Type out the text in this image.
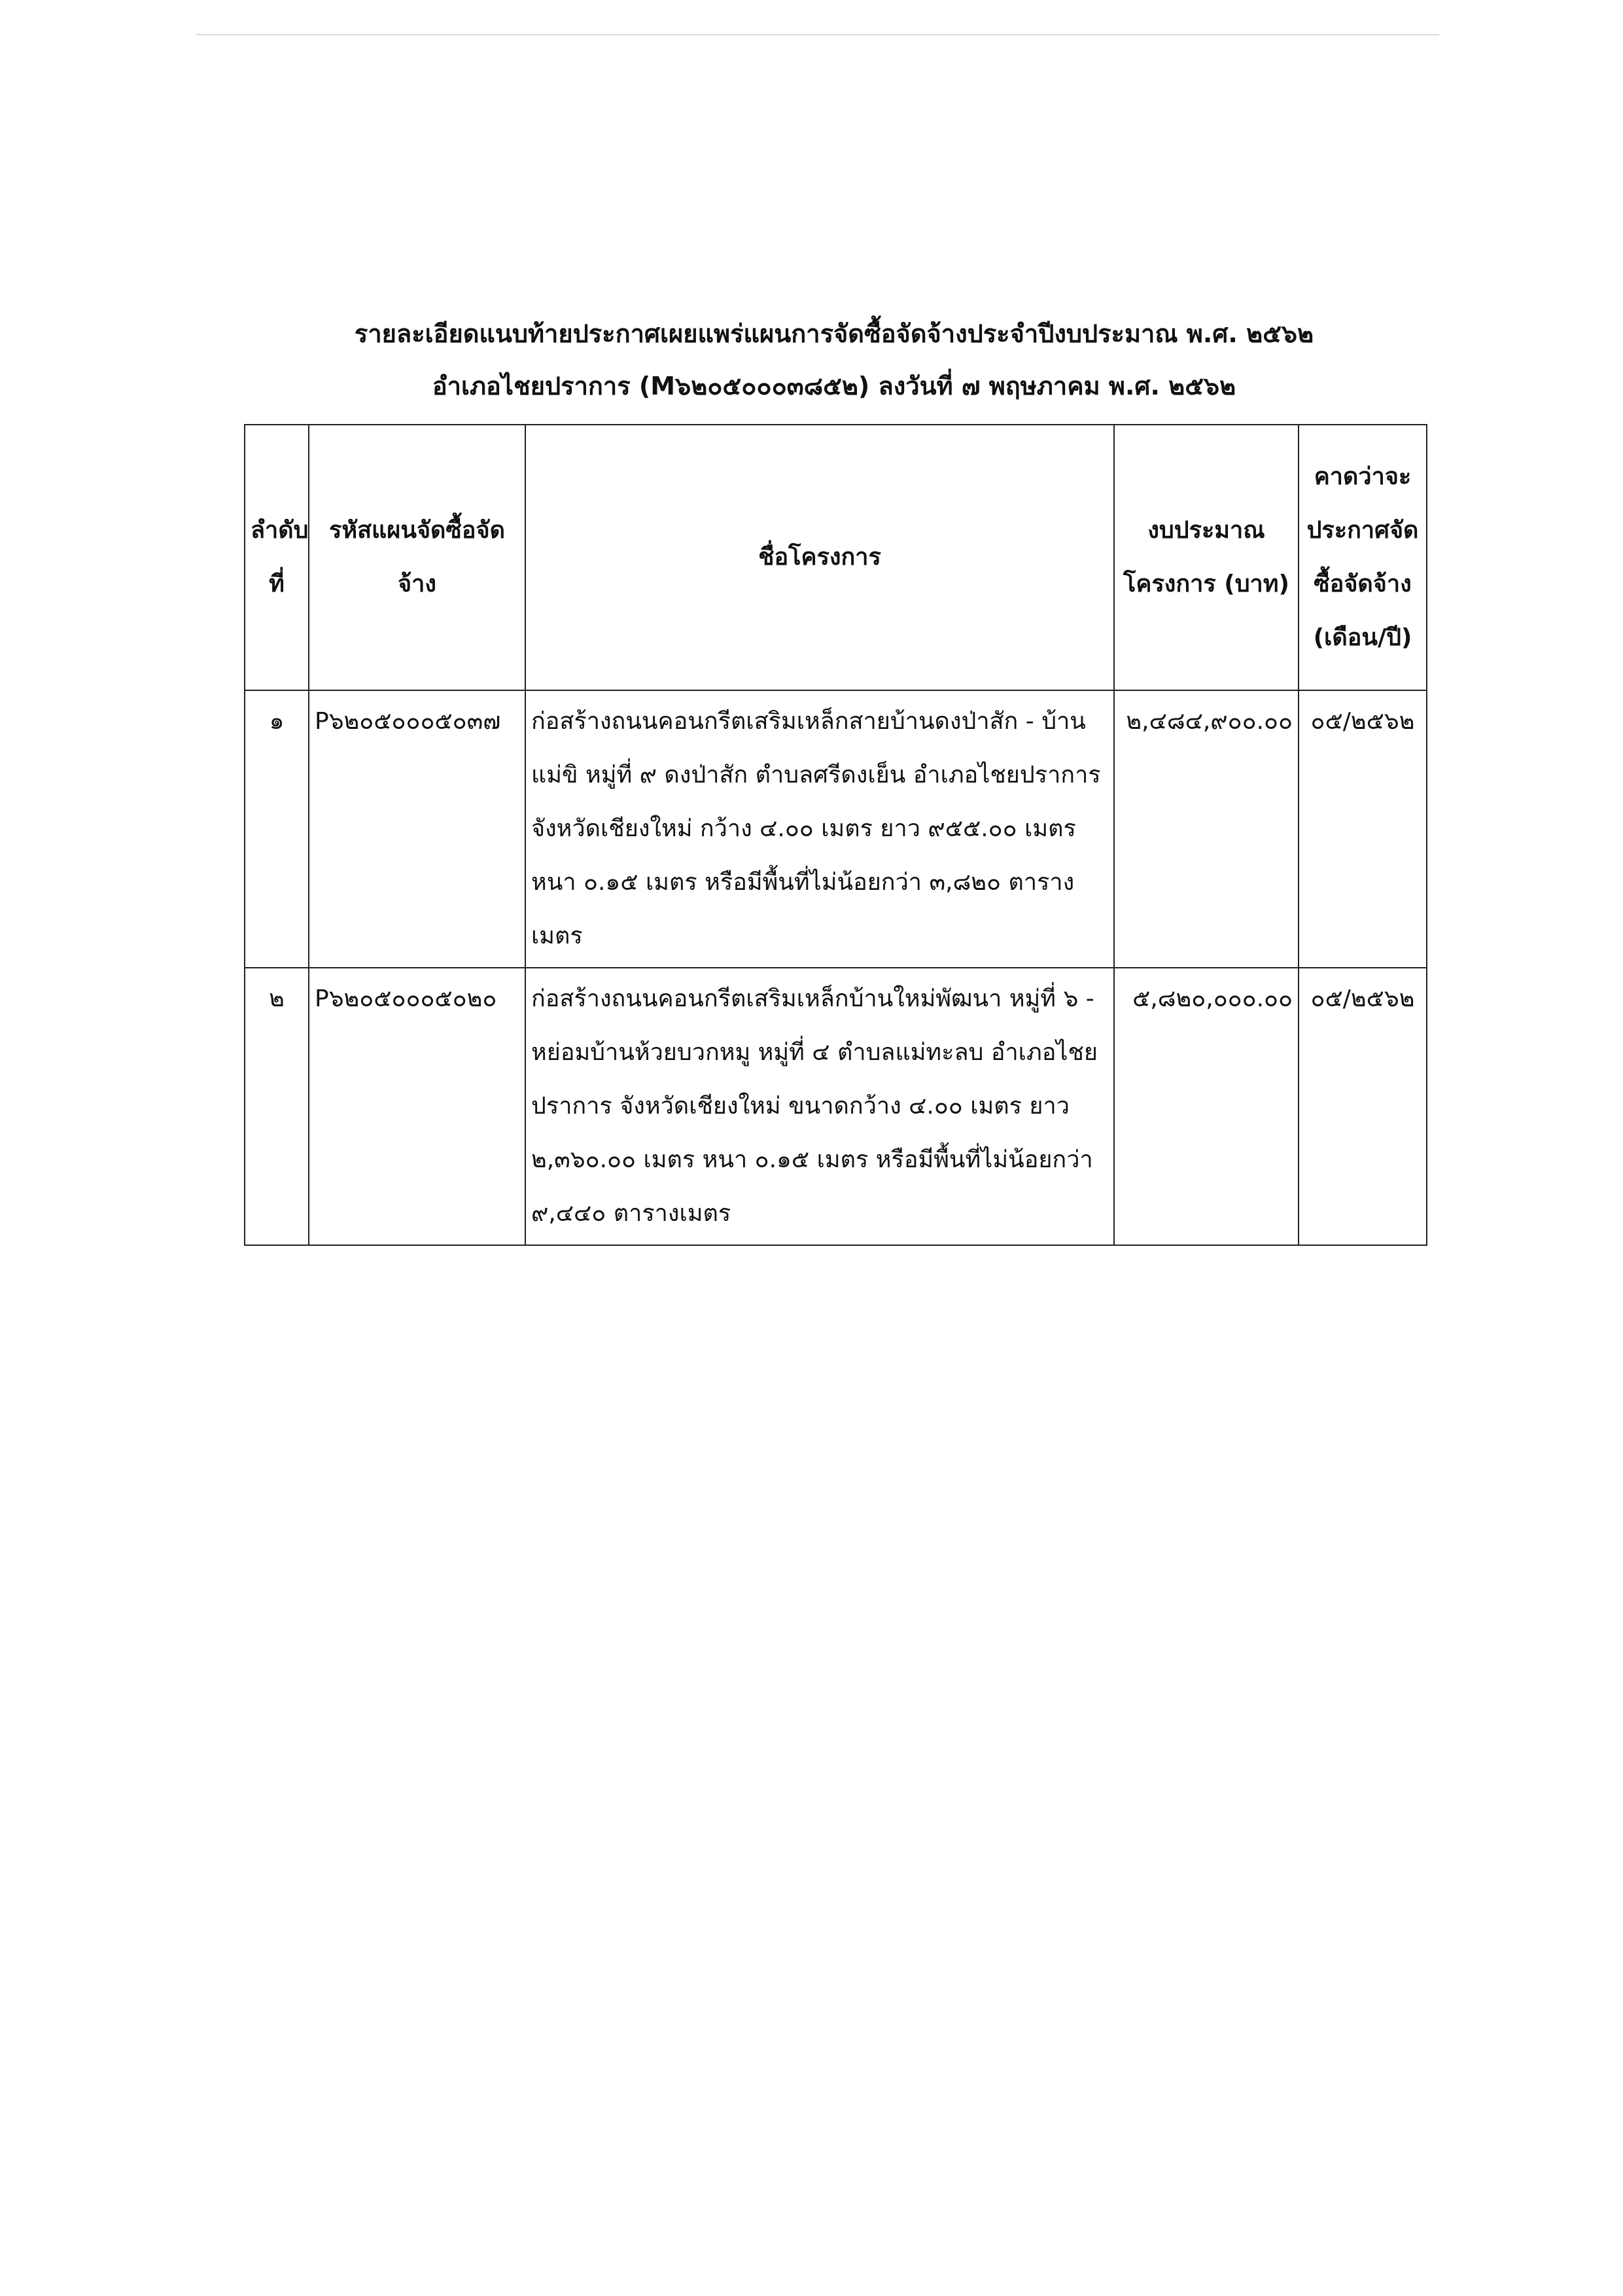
รายละเอียดแนบท้ายประกาศเผยแพร่แผนการจัดซื้อจัดจ้างประจำปีงบประมาณ พ.ศ. ๒๕๖๒
อำเภอไชยปราการ (M๖๒๐๕๐๐๐๓๘๕๒) ลงวันที่ ๗ พฤษภาคม พ.ศ. ๒๕๖๒
ลำดับที่	รหัสแผนจัดซื้อจัดจ้าง	ชื่อโครงการ	งบประมาณโครงการ (บาท)	คาดว่าจะประกาศจัดซื้อจัดจ้าง (เดือน/ปี)
๑	P๖๒๐๕๐๐๐๕๐๓๗	ก่อสร้างถนนคอนกรีตเสริมเหล็กสายบ้านดงป่าสัก - บ้านแม่ขิ หมู่ที่ ๙ ดงป่าสัก ตำบลศรีดงเย็น อำเภอไชยปราการ จังหวัดเชียงใหม่ กว้าง ๔.๐๐ เมตร ยาว ๙๕๕.๐๐ เมตร หนา ๐.๑๕ เมตร หรือมีพื้นที่ไม่น้อยกว่า ๓,๘๒๐ ตารางเมตร	๒,๔๘๔,๙๐๐.๐๐	๐๕/๒๕๖๒
๒	P๖๒๐๕๐๐๐๕๐๒๐	ก่อสร้างถนนคอนกรีตเสริมเหล็กบ้านใหม่พัฒนา หมู่ที่ ๖ - หย่อมบ้านห้วยบวกหมู หมู่ที่ ๔ ตำบลแม่ทะลบ อำเภอไชยปราการ จังหวัดเชียงใหม่ ขนาดกว้าง ๔.๐๐ เมตร ยาว ๒,๓๖๐.๐๐ เมตร หนา ๐.๑๕ เมตร หรือมีพื้นที่ไม่น้อยกว่า ๙,๔๔๐ ตารางเมตร	๕,๘๒๐,๐๐๐.๐๐	๐๕/๒๕๖๒
